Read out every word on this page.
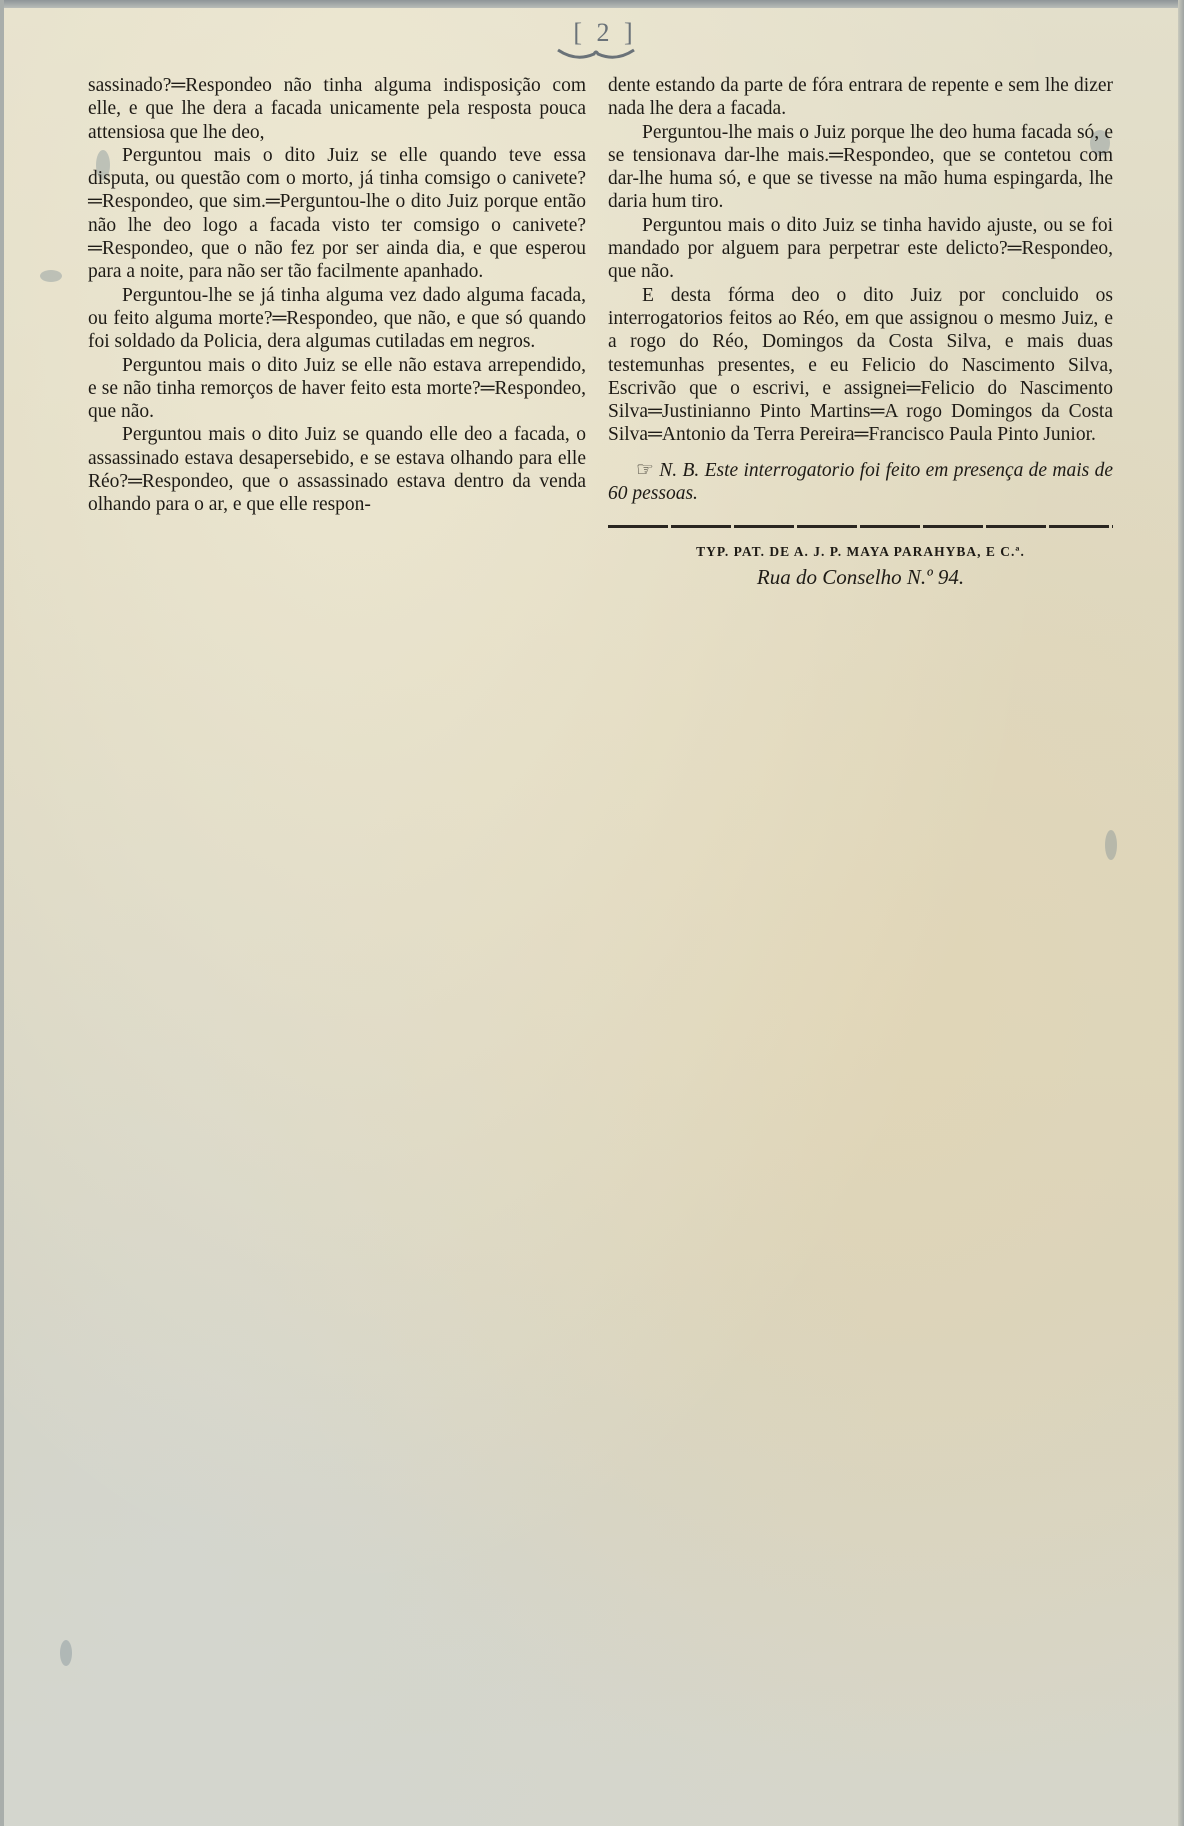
[ 2 ]

sassinado?═Respondeo não tinha alguma indisposição com elle, e que lhe dera a facada unicamente pela resposta pouca attensiosa que lhe deo,

Perguntou mais o dito Juiz se elle quando teve essa disputa, ou questão com o morto, já tinha comsigo o canivete?═Respondeo, que sim.═Perguntou-lhe o dito Juiz porque então não lhe deo logo a facada visto ter comsigo o canivete?═Respondeo, que o não fez por ser ainda dia, e que esperou para a noite, para não ser tão facilmente apanhado.

Perguntou-lhe se já tinha alguma vez dado alguma facada, ou feito alguma morte?═Respondeo, que não, e que só quando foi soldado da Policia, dera algumas cutiladas em negros.

Perguntou mais o dito Juiz se elle não estava arrependido, e se não tinha remorços de haver feito esta morte?═Respondeo, que não.

Perguntou mais o dito Juiz se quando elle deo a facada, o assassinado estava desapersebido, e se estava olhando para elle Réo?═Respondeo, que o assassinado estava dentro da venda olhando para o ar, e que elle respon-

dente estando da parte de fóra entrara de repente e sem lhe dizer nada lhe dera a facada.

Perguntou-lhe mais o Juiz porque lhe deo huma facada só, e se tensionava dar-lhe mais.═Respondeo, que se contetou com dar-lhe huma só, e que se tivesse na mão huma espingarda, lhe daria hum tiro.

Perguntou mais o dito Juiz se tinha havido ajuste, ou se foi mandado por alguem para perpetrar este delicto?═Respondeo, que não.

E desta fórma deo o dito Juiz por concluido os interrogatorios feitos ao Réo, em que assignou o mesmo Juiz, e a rogo do Réo, Domingos da Costa Silva, e mais duas testemunhas presentes, e eu Felicio do Nascimento Silva, Escrivão que o escrivi, e assignei═Felicio do Nascimento Silva═Justinianno Pinto Martins═A rogo Domingos da Costa Silva═Antonio da Terra Pereira═Francisco Paula Pinto Junior.

☞ N. B. Este interrogatorio foi feito em presença de mais de 60 pessoas.

TYP. PAT. DE A. J. P. MAYA PARAHYBA, E C.ª.

Rua do Conselho N.º 94.
